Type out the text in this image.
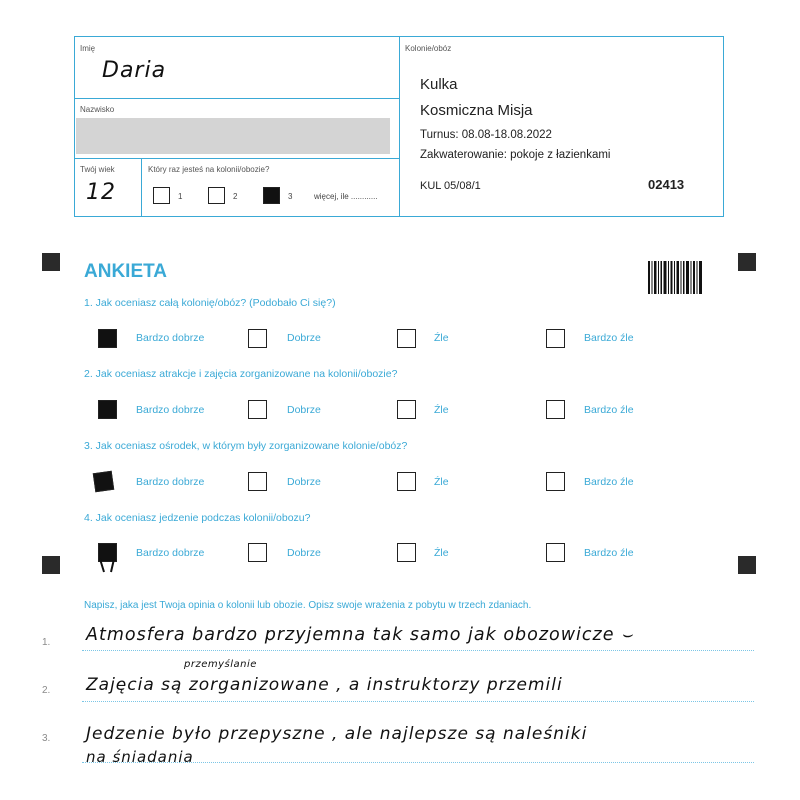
Imię
Daria
Nazwisko
Twój wiek
12
Który raz jesteś na kolonii/obozie?
1	2	3	więcej, ile ............
Kolonie/obóz
Kulka
Kosmiczna Misja
Turnus: 08.08-18.08.2022
Zakwaterowanie: pokoje z łazienkami
KUL 05/08/1	02413
ANKIETA
1. Jak oceniasz całą kolonię/obóz? (Podobało Ci się?)
Bardzo dobrze	Dobrze	Źle	Bardzo źle
2. Jak oceniasz atrakcje i zajęcia zorganizowane na kolonii/obozie?
Bardzo dobrze	Dobrze	Źle	Bardzo źle
3. Jak oceniasz ośrodek, w którym były zorganizowane kolonie/obóz?
Bardzo dobrze	Dobrze	Źle	Bardzo źle
4. Jak oceniasz jedzenie podczas kolonii/obozu?
Bardzo dobrze	Dobrze	Źle	Bardzo źle
Napisz, jaka jest Twoja opinia o kolonii lub obozie. Opisz swoje wrażenia z pobytu w trzech zdaniach.
1. Atmosfera bardzo przyjemna tak samo jak obozowicze ⌣
przemyślanie
2. Zajęcia są zorganizowane , a instruktorzy przemili
3. Jedzenie było przepyszne , ale najlepsze są naleśniki
na śniadania
